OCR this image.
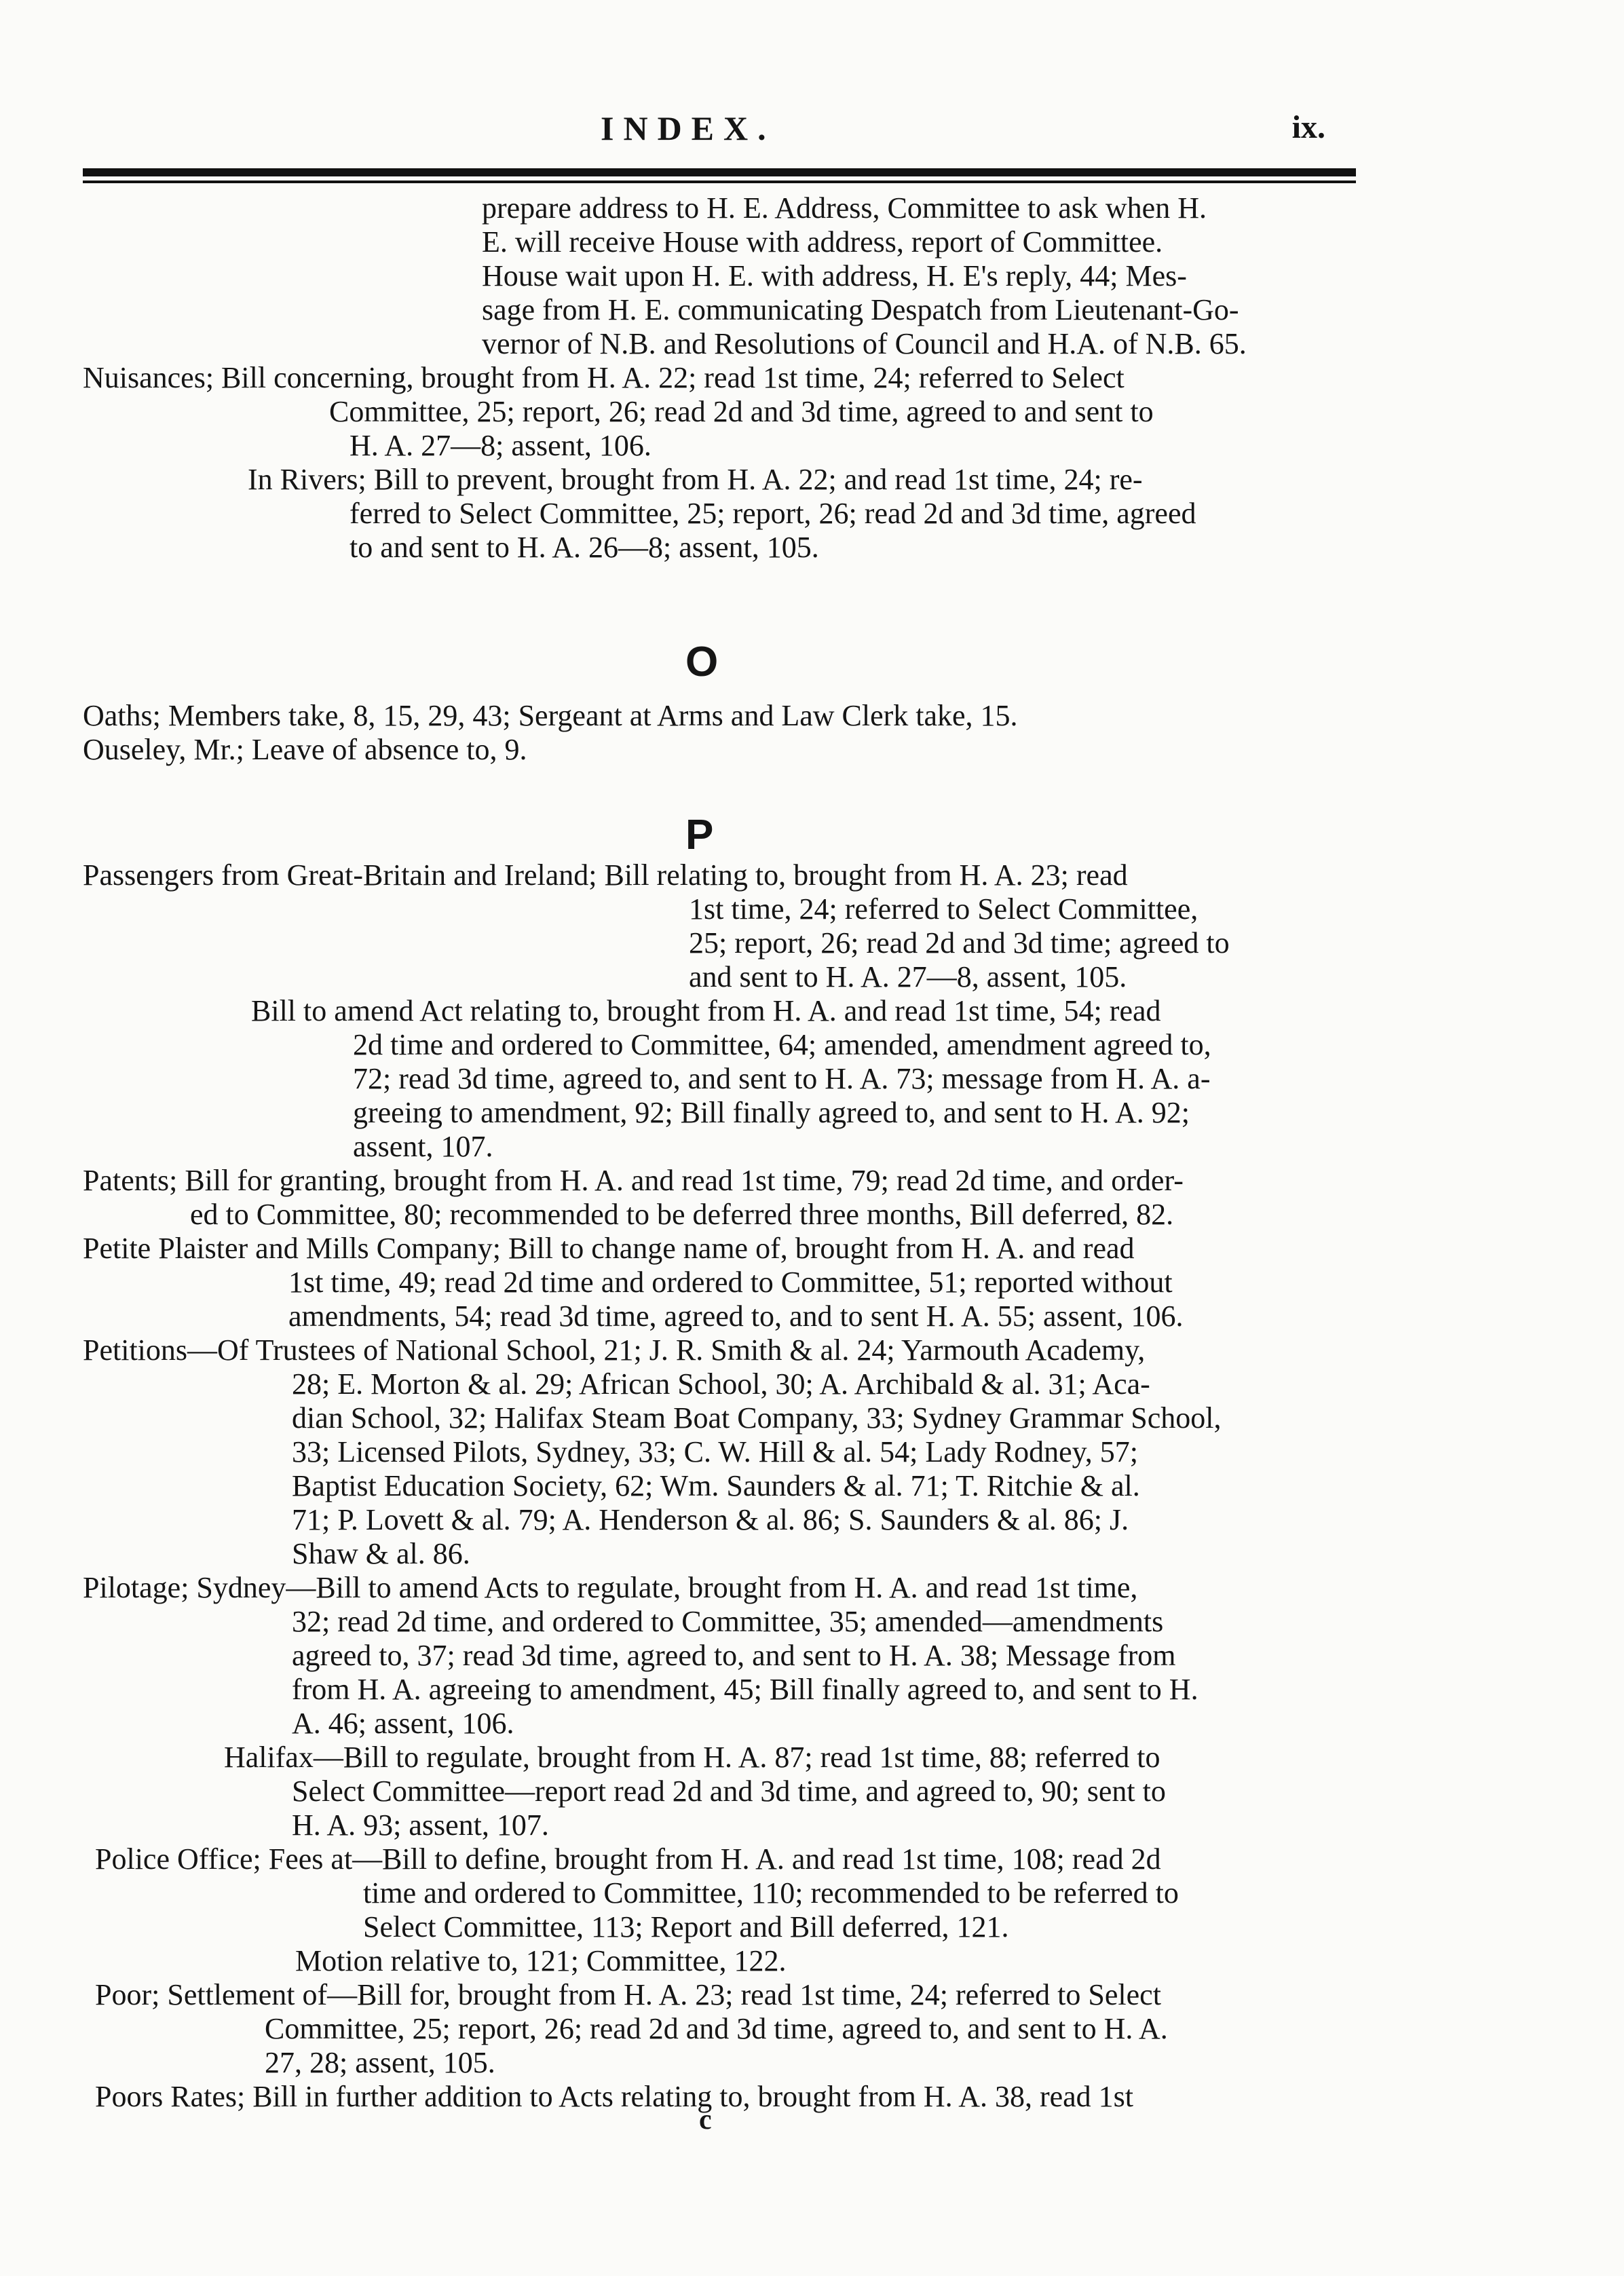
INDEX.	ix.
O
P
prepare address to H. E. Address, Committee to ask when H.
E. will receive House with address, report of Committee.
House wait upon H. E. with address, H. E's reply, 44; Mes-
sage from H. E. communicating Despatch from Lieutenant-Go-
vernor of N.B. and Resolutions of Council and H.A. of N.B. 65.
Nuisances; Bill concerning, brought from H. A. 22; read 1st time, 24; referred to Select
Committee, 25; report, 26; read 2d and 3d time, agreed to and sent to
H. A. 27—8; assent, 106.
In Rivers; Bill to prevent, brought from H. A. 22; and read 1st time, 24; re-
ferred to Select Committee, 25; report, 26; read 2d and 3d time, agreed
to and sent to H. A. 26—8; assent, 105.
Oaths; Members take, 8, 15, 29, 43; Sergeant at Arms and Law Clerk take, 15.
Ouseley, Mr.; Leave of absence to, 9.
Passengers from Great-Britain and Ireland; Bill relating to, brought from H. A. 23; read
1st time, 24; referred to Select Committee,
25; report, 26; read 2d and 3d time; agreed to
and sent to H. A. 27—8, assent, 105.
Bill to amend Act relating to, brought from H. A. and read 1st time, 54; read
2d time and ordered to Committee, 64; amended, amendment agreed to,
72; read 3d time, agreed to, and sent to H. A. 73; message from H. A. a-
greeing to amendment, 92; Bill finally agreed to, and sent to H. A. 92;
assent, 107.
Patents; Bill for granting, brought from H. A. and read 1st time, 79; read 2d time, and order-
ed to Committee, 80; recommended to be deferred three months, Bill deferred, 82.
Petite Plaister and Mills Company; Bill to change name of, brought from H. A. and read
1st time, 49; read 2d time and ordered to Committee, 51; reported without
amendments, 54; read 3d time, agreed to, and to sent H. A. 55; assent, 106.
Petitions—Of Trustees of National School, 21; J. R. Smith & al. 24; Yarmouth Academy,
28; E. Morton & al. 29; African School, 30; A. Archibald & al. 31; Aca-
dian School, 32; Halifax Steam Boat Company, 33; Sydney Grammar School,
33; Licensed Pilots, Sydney, 33; C. W. Hill & al. 54; Lady Rodney, 57;
Baptist Education Society, 62; Wm. Saunders & al. 71; T. Ritchie & al.
71; P. Lovett & al. 79; A. Henderson & al. 86; S. Saunders & al. 86; J.
Shaw & al. 86.
Pilotage; Sydney—Bill to amend Acts to regulate, brought from H. A. and read 1st time,
32; read 2d time, and ordered to Committee, 35; amended—amendments
agreed to, 37; read 3d time, agreed to, and sent to H. A. 38; Message from
from H. A. agreeing to amendment, 45; Bill finally agreed to, and sent to H.
A. 46; assent, 106.
Halifax—Bill to regulate, brought from H. A. 87; read 1st time, 88; referred to
Select Committee—report read 2d and 3d time, and agreed to, 90; sent to
H. A. 93; assent, 107.
Police Office; Fees at—Bill to define, brought from H. A. and read 1st time, 108; read 2d
time and ordered to Committee, 110; recommended to be referred to
Select Committee, 113; Report and Bill deferred, 121.
Motion relative to, 121; Committee, 122.
Poor; Settlement of—Bill for, brought from H. A. 23; read 1st time, 24; referred to Select
Committee, 25; report, 26; read 2d and 3d time, agreed to, and sent to H. A.
27, 28; assent, 105.
Poors Rates; Bill in further addition to Acts relating to, brought from H. A. 38, read 1st
c
